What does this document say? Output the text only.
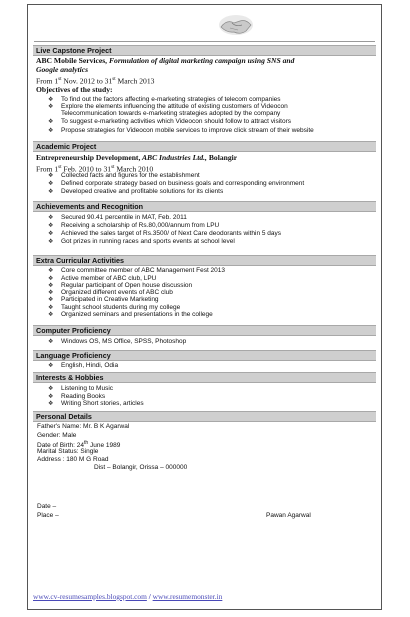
Live Capstone Project
ABC Mobile Services, Formulation of digital marketing campaign using SNS and
Google analytics
From 1st Nov. 2012 to 31st March 2013
Objectives of the study:
❖ To find out the factors affecting e-marketing strategies of telecom companies
❖ Explore the elements influencing the attitude of existing customers of Videocon
Telecommunication towards e-marketing strategies adopted by the company
❖ To suggest e-marketing activities which Videocon should follow to attract visitors
❖ Propose strategies for Videocon mobile services to improve click stream of their website
Academic Project
Entrepreneurship Development, ABC Industries Ltd., Bolangir
From 1st Feb. 2010 to 31st March 2010
❖ Collected facts and figures for the establishment
❖ Defined corporate strategy based on business goals and corresponding environment
❖ Developed creative and profitable solutions for its clients
Achievements and Recognition
❖ Secured 90.41 percentile in MAT, Feb. 2011
❖ Receiving a scholarship of Rs.80,000/annum from LPU
❖ Achieved the sales target of Rs.3500/ of Next Care deodorants within 5 days
❖ Got prizes in running races and sports events at school level
Extra Curricular Activities
❖ Core committee member of ABC Management Fest 2013
❖ Active member of ABC club, LPU
❖ Regular participant of Open house discussion
❖ Organized different events of ABC club
❖ Participated in Creative Marketing
❖ Taught school students during my college
❖ Organized seminars and presentations in the college
Computer Proficiency
❖ Windows OS, MS Office, SPSS, Photoshop
Language Proficiency
❖ English, Hindi, Odia
Interests & Hobbies
❖ Listening to Music
❖ Reading Books
❖ Writing Short stories, articles
Personal Details
Father's Name: Mr. B K Agarwal
Gender: Male
Date of Birth: 24th June 1989
Marital Status: Single
Address : 180 M G Road
Dist – Bolangir, Orissa – 000000
Date –
Place –	Pawan Agarwal
www.cv-resumesamples.blogspot.com / www.resumemonster.in
